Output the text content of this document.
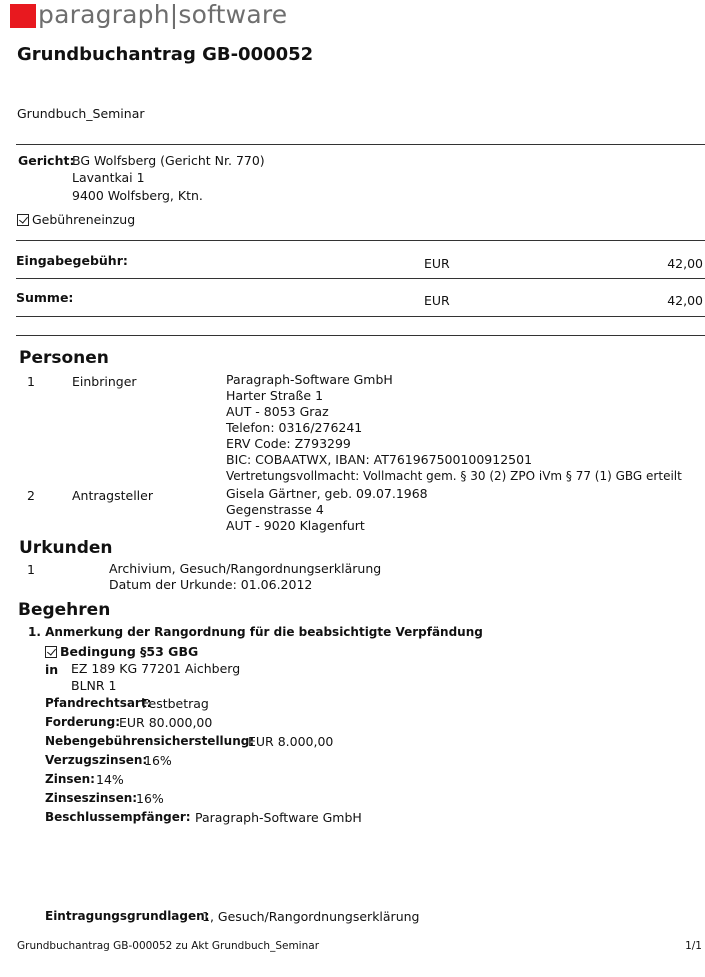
paragraph|software
Grundbuchantrag GB-000052
Grundbuch_Seminar
Gericht:
BG Wolfsberg (Gericht Nr. 770)
Lavantkai 1
9400 Wolfsberg, Ktn.
Gebühreneinzug
Eingabegebühr:	EUR	42,00
Summe:	EUR	42,00
Personen
1	Einbringer	Paragraph-Software GmbH
Harter Straße 1
AUT - 8053 Graz
Telefon: 0316/276241
ERV Code: Z793299
BIC: COBAATWX, IBAN: AT761967500100912501
Vertretungsvollmacht: Vollmacht gem. § 30 (2) ZPO iVm § 77 (1) GBG erteilt
2	Antragsteller	Gisela Gärtner, geb. 09.07.1968
Gegenstrasse 4
AUT - 9020 Klagenfurt
Urkunden
1	Archivium, Gesuch/Rangordnungserklärung
Datum der Urkunde: 01.06.2012
Begehren
1. Anmerkung der Rangordnung für die beabsichtigte Verpfändung
Bedingung §53 GBG
in EZ 189 KG 77201 Aichberg
BLNR 1
Pfandrechtsart:
Festbetrag
Forderung: EUR 80.000,00
Nebengebührensicherstellung:
EUR 8.000,00
Verzugszinsen:
16%
Zinsen: 14%
Zinseszinsen:
16%
Beschlussempfänger: Paragraph-Software GmbH
Eintragungsgrundlagen:
1, Gesuch/Rangordnungserklärung
Grundbuchantrag GB-000052 zu Akt Grundbuch_Seminar	1/1
